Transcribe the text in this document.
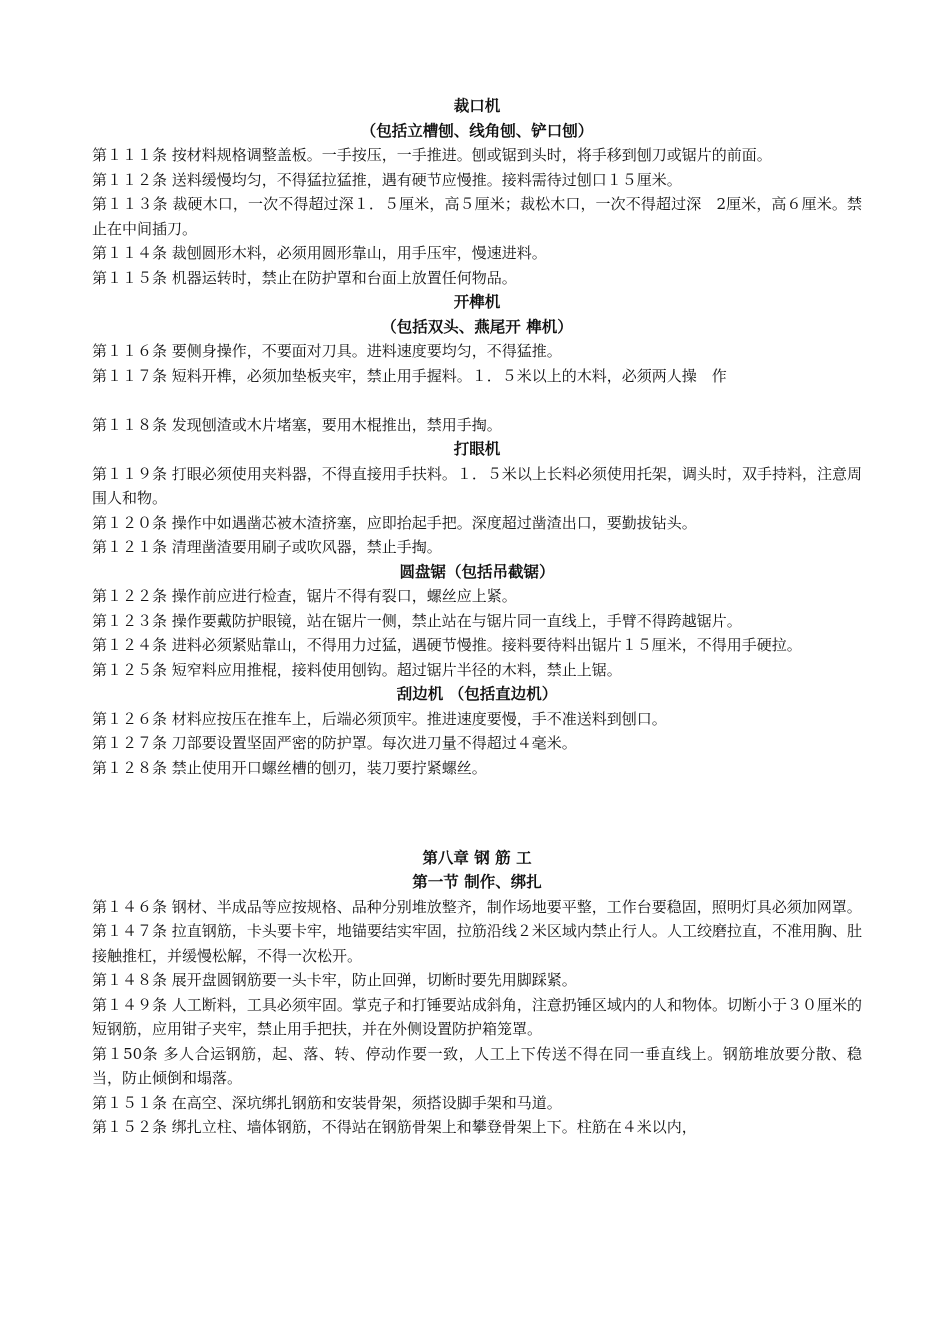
裁口机
（包括立槽刨、线角刨、铲口刨）
第１１１条 按材料规格调整盖板。一手按压，一手推进。刨或锯到头时，将手移到刨刀或锯片的前面。
第１１２条 送料缓慢均匀，不得猛拉猛推，遇有硬节应慢推。接料需待过刨口１５厘米。
第１１３条 裁硬木口，一次不得超过深１．５厘米，高５厘米；裁松木口，一次不得超过深　2厘米，高６厘米。禁止在中间插刀。
第１１４条 裁刨圆形木料，必须用圆形靠山，用手压牢，慢速进料。
第１１５条 机器运转时，禁止在防护罩和台面上放置任何物品。
开榫机
（包括双头、燕尾开 榫机）
第１１６条 要侧身操作，不要面对刀具。进料速度要均匀，不得猛推。
第１１７条 短料开榫，必须加垫板夹牢，禁止用手握料。１．５米以上的木料，必须两人操　作
第１１８条 发现刨渣或木片堵塞，要用木棍推出，禁用手掏。
打眼机
第１１９条 打眼必须使用夹料器，不得直接用手扶料。１．５米以上长料必须使用托架，调头时，双手持料，注意周围人和物。
第１２０条 操作中如遇凿芯被木渣挤塞，应即抬起手把。深度超过凿渣出口，要勤拔钻头。
第１２１条 清理凿渣要用刷子或吹风器，禁止手掏。
圆盘锯（包括吊截锯）
第１２２条 操作前应进行检查，锯片不得有裂口，螺丝应上紧。
第１２３条 操作要戴防护眼镜，站在锯片一侧，禁止站在与锯片同一直线上，手臂不得跨越锯片。
第１２４条 进料必须紧贴靠山，不得用力过猛，遇硬节慢推。接料要待料出锯片１５厘米，不得用手硬拉。
第１２５条 短窄料应用推棍，接料使用刨钩。超过锯片半径的木料，禁止上锯。
刮边机 （包括直边机）
第１２６条 材料应按压在推车上，后端必须顶牢。推进速度要慢，手不准送料到刨口。
第１２７条 刀部要设置坚固严密的防护罩。每次进刀量不得超过４毫米。
第１２８条 禁止使用开口螺丝槽的刨刃，装刀要拧紧螺丝。
第八章 钢 筋 工
第一节 制作、绑扎
第１４６条 钢材、半成品等应按规格、品种分别堆放整齐，制作场地要平整，工作台要稳固，照明灯具必须加网罩。
第１４７条 拉直钢筋，卡头要卡牢，地锚要结实牢固，拉筋沿线２米区域内禁止行人。人工绞磨拉直，不准用胸、肚接触推杠，并缓慢松解，不得一次松开。
第１４８条 展开盘圆钢筋要一头卡牢，防止回弹，切断时要先用脚踩紧。
第１４９条 人工断料，工具必须牢固。掌克子和打锤要站成斜角，注意扔锤区域内的人和物体。切断小于３０厘米的短钢筋，应用钳子夹牢，禁止用手把扶，并在外侧设置防护箱笼罩。
第１50条 多人合运钢筋，起、落、转、停动作要一致，人工上下传送不得在同一垂直线上。钢筋堆放要分散、稳当，防止倾倒和塌落。
第１５１条 在高空、深坑绑扎钢筋和安装骨架，须搭设脚手架和马道。
第１５２条 绑扎立柱、墙体钢筋，不得站在钢筋骨架上和攀登骨架上下。柱筋在４米以内，
